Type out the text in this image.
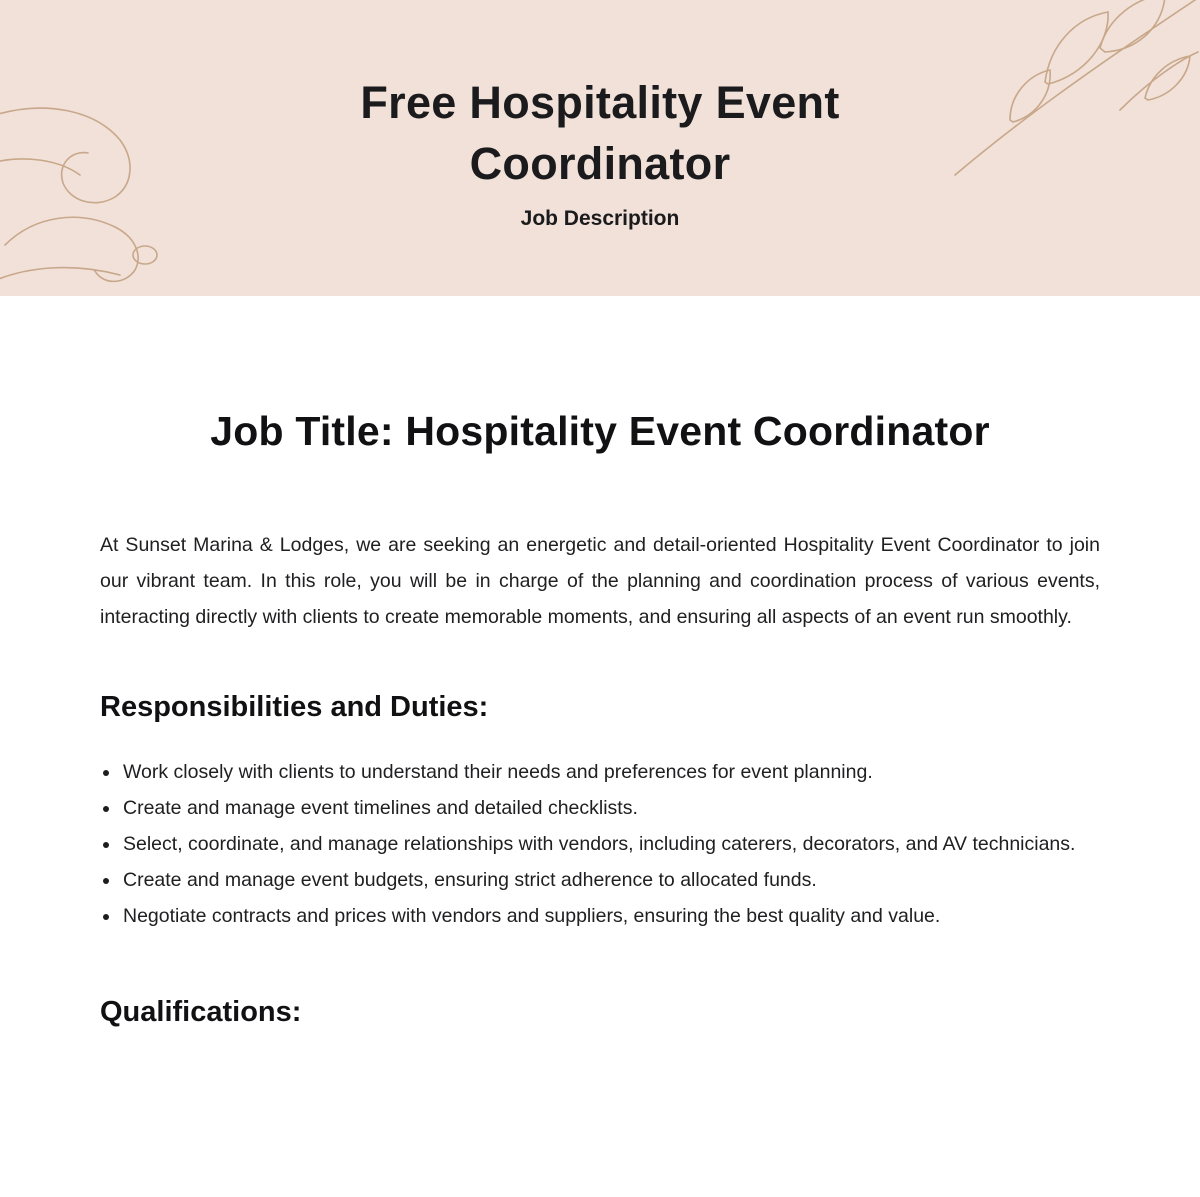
Free Hospitality Event Coordinator
Job Description
Job Title: Hospitality Event Coordinator

At Sunset Marina & Lodges, we are seeking an energetic and detail-oriented Hospitality Event Coordinator to join our vibrant team. In this role, you will be in charge of the planning and coordination process of various events, interacting directly with clients to create memorable moments, and ensuring all aspects of an event run smoothly.

Responsibilities and Duties:
Work closely with clients to understand their needs and preferences for event planning.
Create and manage event timelines and detailed checklists.
Select, coordinate, and manage relationships with vendors, including caterers, decorators, and AV technicians.
Create and manage event budgets, ensuring strict adherence to allocated funds.
Negotiate contracts and prices with vendors and suppliers, ensuring the best quality and value.
Qualifications:
